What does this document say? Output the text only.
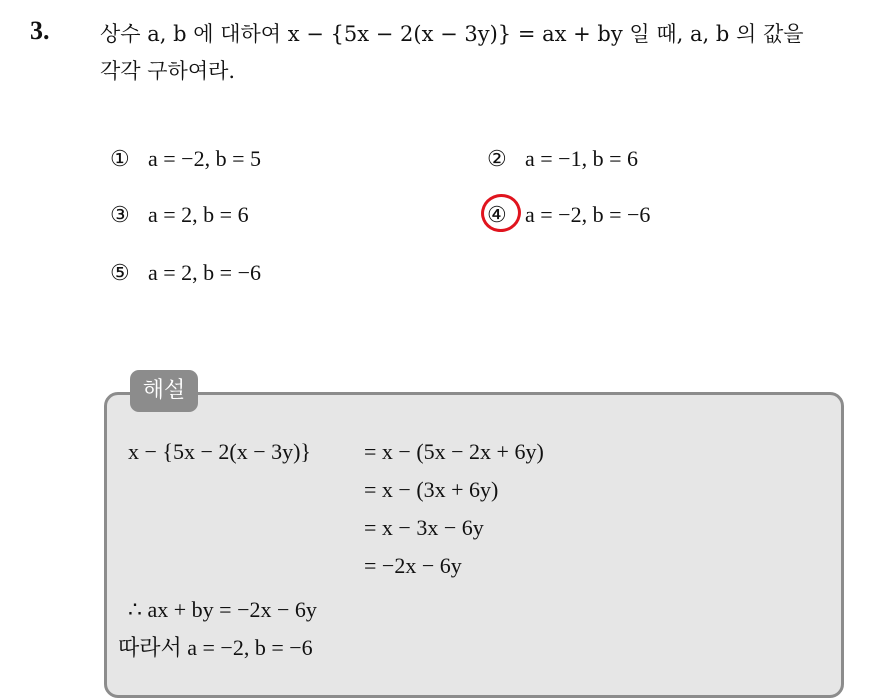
3. 상수 a, b 에 대하여 x − {5x − 2(x − 3y)} = ax + by 일 때, a, b 의 값을
각각 구하여라.
① a = −2, b = 5	② a = −1, b = 6
③ a = 2, b = 6	④ a = −2, b = −6
⑤ a = 2, b = −6
해설
x − {5x − 2(x − 3y)} = x − (5x − 2x + 6y)
= x − (3x + 6y)
= x − 3x − 6y
= −2x − 6y
∴ ax + by = −2x − 6y
따라서 a = −2, b = −6
